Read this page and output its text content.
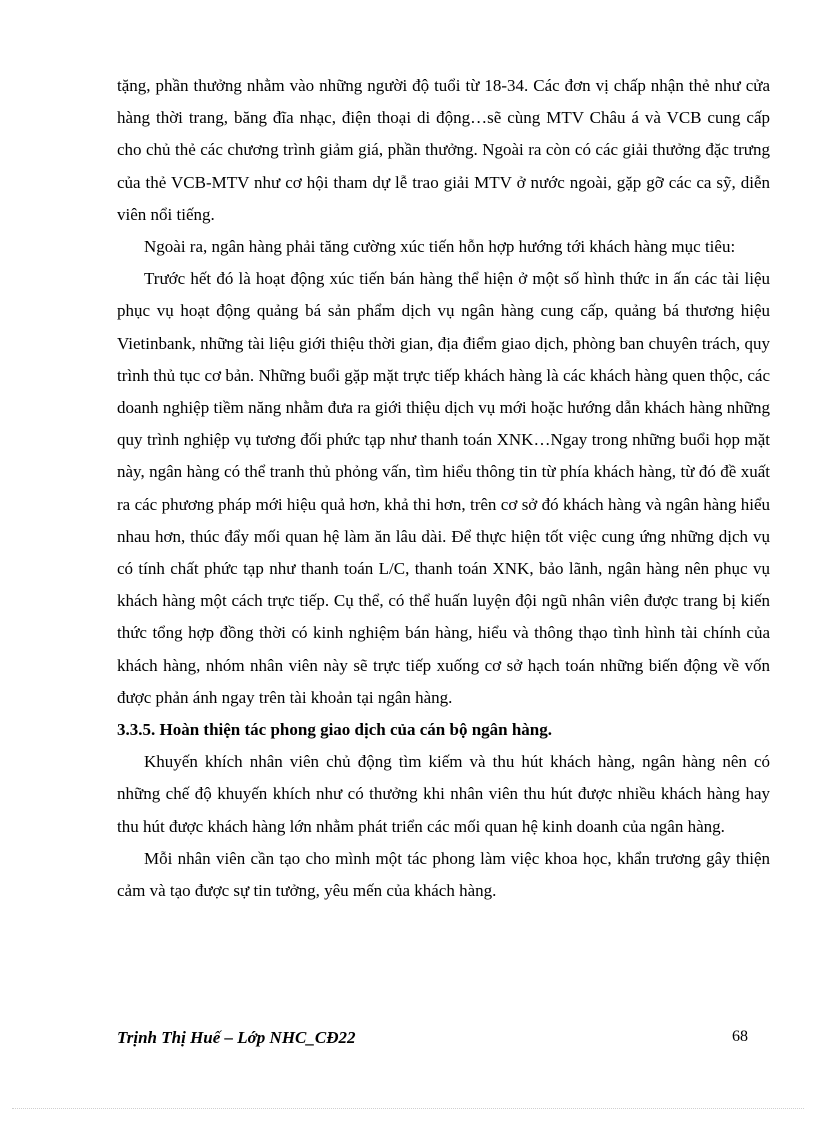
tặng, phần thưởng nhằm vào những người độ tuổi từ 18-34. Các đơn vị chấp nhận thẻ như cửa hàng thời trang, băng đĩa nhạc, điện thoại di động…sẽ cùng MTV Châu á và VCB cung cấp cho chủ thẻ các chương trình giảm giá, phần thưởng. Ngoài ra còn có các giải thưởng đặc trưng của thẻ VCB-MTV như cơ hội tham dự lễ trao giải MTV ở nước ngoài, gặp gỡ các ca sỹ, diễn viên nổi tiếng.

Ngoài ra, ngân hàng phải tăng cường xúc tiến hỗn hợp hướng tới khách hàng mục tiêu:

Trước hết đó là hoạt động xúc tiến bán hàng thể hiện ở một số hình thức in ấn các tài liệu phục vụ hoạt động quảng bá sản phẩm dịch vụ ngân hàng cung cấp, quảng bá thương hiệu Vietinbank, những tài liệu giới thiệu thời gian, địa điểm giao dịch, phòng ban chuyên trách, quy trình thủ tục cơ bản. Những buổi gặp mặt trực tiếp khách hàng là các khách hàng quen thộc, các doanh nghiệp tiềm năng nhằm đưa ra giới thiệu dịch vụ mới hoặc hướng dẫn khách hàng những quy trình nghiệp vụ tương đối phức tạp như thanh toán XNK…Ngay trong những buổi họp mặt này, ngân hàng có thể tranh thủ phỏng vấn, tìm hiểu thông tin từ phía khách hàng, từ đó đề xuất ra các phương pháp mới hiệu quả hơn, khả thi hơn, trên cơ sở đó khách hàng và ngân hàng hiểu nhau hơn, thúc đẩy mối quan hệ làm ăn lâu dài. Để thực hiện tốt việc cung ứng những dịch vụ có tính chất phức tạp như thanh toán L/C, thanh toán XNK, bảo lãnh, ngân hàng nên phục vụ khách hàng một cách trực tiếp. Cụ thể, có thể huấn luyện đội ngũ nhân viên được trang bị kiến thức tổng hợp đồng thời có kinh nghiệm bán hàng, hiểu và thông thạo tình hình tài chính của khách hàng, nhóm nhân viên này sẽ trực tiếp xuống cơ sở hạch toán những biến động về vốn được phản ánh ngay trên tài khoản tại ngân hàng.

3.3.5. Hoàn thiện tác phong giao dịch của cán bộ ngân hàng.

Khuyến khích nhân viên chủ động tìm kiếm và thu hút khách hàng, ngân hàng nên có những chế độ khuyến khích như có thưởng khi nhân viên thu hút được nhiều khách hàng hay thu hút được khách hàng lớn nhằm phát triển các mối quan hệ kinh doanh của ngân hàng.

Mỗi nhân viên cần tạo cho mình một tác phong làm việc khoa học, khẩn trương gây thiện cảm và tạo được sự tin tưởng, yêu mến của khách hàng.

Trịnh Thị Huế – Lớp NHC_CĐ22	68
